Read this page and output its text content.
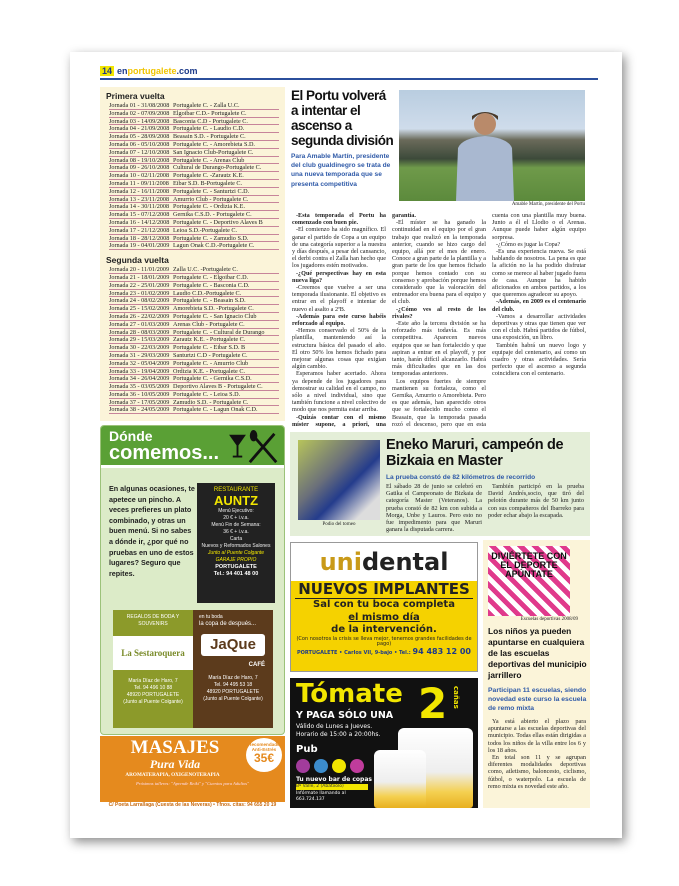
14 enportugalete.com
Primera vuelta
Jornada 01 - 31/08/2008 Portugalete C. - Zalla U.C.
Jornada 02 - 07/09/2008 Elgoibar C.D.- Portugalete C.
Jornada 03 - 14/09/2008 Basconia C.D - Portugalete C.
Jornada 04 - 21/09/2008 Portugalete C. - Laudio C.D.
Jornada 05 - 28/09/2008 Beasain S.D. - Portugalete C.
Jornada 06 - 05/10/2008 Portugalete C. - Amorebieta S.D.
Jornada 07 - 12/10/2008 San Ignacio Club-Portugalete C.
Jornada 08 - 19/10/2008 Portugalete C. - Arenas Club
Jornada 09 - 26/10/2008 Cultural de Durango-Portugalete C.
Jornada 10 - 02/11/2008 Portugalete C. -Zarautz K.E.
Jornada 11 - 09/11/2008 Eibar S.D. B-Portugalete C.
Jornada 12 - 16/11/2008 Portugalete C. - Santurtzi C.D.
Jornada 13 - 23/11/2008 Amurrio Club - Portugalete C.
Jornada 14 - 30/11/2008 Portugalete C. - Ordizia K.E.
Jornada 15 - 07/12/2008 Gernika C.S.D. - Portugalete C.
Jornada 16 - 14/12/2008 Portugalete C. - Deportivo Alaves B
Jornada 17 - 21/12/2008 Leioa S.D.-Portugalete C.
Jornada 18 - 28/12/2008 Portugalete C. - Zamudio S.D.
Jornada 19 - 04/01/2009 Lagun Onak C.D.-Portugalete C.
Segunda vuelta
Jornada 20 - 11/01/2009 Zalla U.C. -Portugalete C.
Jornada 21 - 18/01/2009 Portugalete C. - Elgoibar C.D.
Jornada 22 - 25/01/2009 Portugalete C. - Basconia C.D.
Jornada 23 - 01/02/2009 Laudio C.D.-Portugalete C.
Jornada 24 - 08/02/2009 Portugalete C. - Beasain S.D.
Jornada 25 - 15/02/2009 Amorebieta S.D. -Portugalete C.
Jornada 26 - 22/02/2009 Portugalete C. - San Ignacio Club
Jornada 27 - 01/03/2009 Arenas Club - Portugalete C.
Jornada 28 - 08/03/2009 Portugalete C. - Cultural de Durango
Jornada 29 - 15/03/2009 Zarautz K.E. - Portugalete C.
Jornada 30 - 22/03/2009 Portugalete C. - Eibar S.D. B
Jornada 31 - 29/03/2009 Santurtzi C.D - Portugalete C.
Jornada 32 - 05/04/2009 Portugalete C. - Amurrio Club
Jornada 33 - 19/04/2009 Ordizia K.E. - Portugalete C.
Jornada 34 - 26/04/2009 Portugalete C. - Gernika C.S.D.
Jornada 35 - 03/05/2009 Deportivo Alaves B - Portugalete C.
Jornada 36 - 10/05/2009 Portugalete C. - Leioa S.D.
Jornada 37 - 17/05/2009 Zamudio S.D. - Portugalete C.
Jornada 38 - 24/05/2009 Portugalete C. - Lagun Onak C.D.
El Portu volverá a intentar el ascenso a segunda división
Para Amable Martín, presidente del club gualdinegro se trata de una nueva temporada que se presenta competitiva
Amable Martín, presidente del Portu

-Esta temporada el Portu ha comenzado con buen pie.

-El comienzo ha sido magnífico. El ganar el partido de Copa a un equipo de una categoría superior a la nuestra y días después, a pesar del cansancio, el derbi contra el Zalla han hecho que los jugadores estén motivados.

-¿Qué perspectivas hay en esta nueva liga?

-Creemos que vuelve a ser una temporada ilusionante. El objetivo es entrar en el playoff e intentar de nuevo el asalto a 2ªB.

-Además para este curso habéis reforzado al equipo.

-Hemos conservado el 50% de la plantilla, manteniendo así la estructura básica del pasado el año. El otro 50% los hemos fichado para mejorar algunas cosas que exigían algún cambio.

Esperamos haber acertado. Ahora ya depende de los jugadores para demostrar su calidad en el campo, no sólo a nivel individual, sino que también funcione a nivel colectivo de modo que nos permita estar arriba.

-Quizás contar con el mismo míster supone, a priori, una garantía.

-El míster se ha ganado la continuidad en el equipo por el gran trabajo que realizó en la temporada anterior, cuando se hizo cargo del equipo, allá por el mes de enero. Conoce a gran parte de la plantilla y a gran parte de los que hemos fichado porque hemos contado con su consenso y aprobación porque hemos considerado que la valoración del entrenador era buena para el equipo y el club.

-¿Cómo ves al resto de los rivales?

-Este año la tercera división se ha reforzado más todavía. Es más competitiva. Aparecen nuevos equipos que se han fortalecido y que aspiran a entrar en el playoff, y por tanto, harán difícil alcanzarlo. Habrá más dificultades que en las dos temporadas anteriores.

Los equipos fuertes de siempre mantienen su fortaleza, como el Gernika, Amurrio o Amorebieta. Pero es que además, han aparecido otros que se fortalecido mucho como el Beasain, que la temporada pasada rozó el descenso, pero que en esta cuenta con una plantilla muy buena. Junto a él el Llodio o el Arenas. Aunque puede haber algún equipo sorpresa.

-¿Cómo es jugar la Copa?

-Es una experiencia nueva. Se está hablando de nosotros. La pena es que la afición no la ha podido disfrutar como se merece al haber jugado fuera de casa. Aunque ha habido aficionados en ambos partidos, a los que queremos agradecer su apoyo.

-Además, en 2009 es el centenario del club.

-Vamos a desarrollar actividades deportivas y otras que tienen que ver con el club. Habrá partidos de fútbol, una exposición, un libro.

También habrá un nuevo logo y equipaje del centenario, así como un cuadro y otras actividades. Sería perfecto que el ascenso a segunda coincidiera con el centenario.

Dónde
comemos...
En algunas ocasiones, te apetece un pincho. A veces prefieres un plato combinado, y otras un buen menú. Si no sabes a dónde ir, ¿por qué no pruebas en uno de estos lugares? Seguro que repites.
RESTAURANTE
AUNTZ
Menú Ejecutivo:
20 € + i.v.a.
Menú Fin de Semana:
36 € + i.v.a.
Carta
Nuevos y Reformados Salones
Junto al Puente Colgante
GARAJE PROPIO
PORTUGALETE
Tel.: 94 401 48 00
REGALOS DE BODA Y SOUVENIRS
La Sestaroquera
María Díaz de Haro, 7
Tel. 94 496 10 88
48920 PORTUGALETE
(Junto al Puente Colgante)
en tu boda
la copa de después...
JaQue
CAFÉ
María Díaz de Haro, 7
Tel. 94 495 53 18
48920 PORTUGALETE
(Junto al Puente Colgante)
Recomendado
Anti-Estrés
35€
MASAJES
Pura Vida
AROMATERAPIA, OXIGENOTERAPIA
Próximos talleres: "Aprende Reiki" y "Cuentos para Adultos"
C/ Poeta Larrallaga (Cuesta de las Neveras) • Tfnos. citas: 94 655 20 19
Podio del torneo
Eneko Maruri, campeón de Bizkaia en Master
La prueba constó de 82 kilómetros de recorrido

El sábado 28 de junio se celebró en Gatika el Campeonato de Bizkaia de categoría Master (Veteranos). La prueba constó de 82 km con subida a Morga, Unbe y Lauros. Pero esto no fue impedimento para que Maruri ganara la disputada carrera.

También participó en la prueba David Andrés,socio, que tiró del pelotón durante más de 50 km junto con sus compañeros del Ibarreko para poder echar abajo la escapada.

unidental
NUEVOS IMPLANTES
Sal con tu boca completa
el mismo día
de la intervención.
(Con nosotros la crisis se lleva mejor, tenemos grandes facilidades de pago)
PORTUGALETE • Carlos VII, 9-bajo • Tel.: 94 483 12 00
Tómate 2 cañas
Y PAGA SÓLO UNA
Válido de Lunes a Jueves.
Horario de 15:00 a 20:00hs.
Pub
Tu nuevo bar de copas
Bº Valle, 2 (Abatxolo)
Infórmate llamando al 663.724.137
DIVIÉRTETE CON EL DEPORTE APÚNTATE
Escuelas deportivas 2008/09
Los niños ya pueden apuntarse en cualquiera de las escuelas deportivas del municipio jarrillero
Participan 11 escuelas, siendo novedad este curso la escuela de remo mixta

Ya está abierto el plazo para apuntarse a las escuelas deportivas del municipio. Todas ellas están dirigidas a todos los niños de la villa entre los 6 y los 18 años.

En total son 11 y se agrupan diferentes modalidades deportivas como, atletismo, baloncesto, ciclismo, fútbol, o waterpolo. La escuela de remo mixta es novedad este año.
